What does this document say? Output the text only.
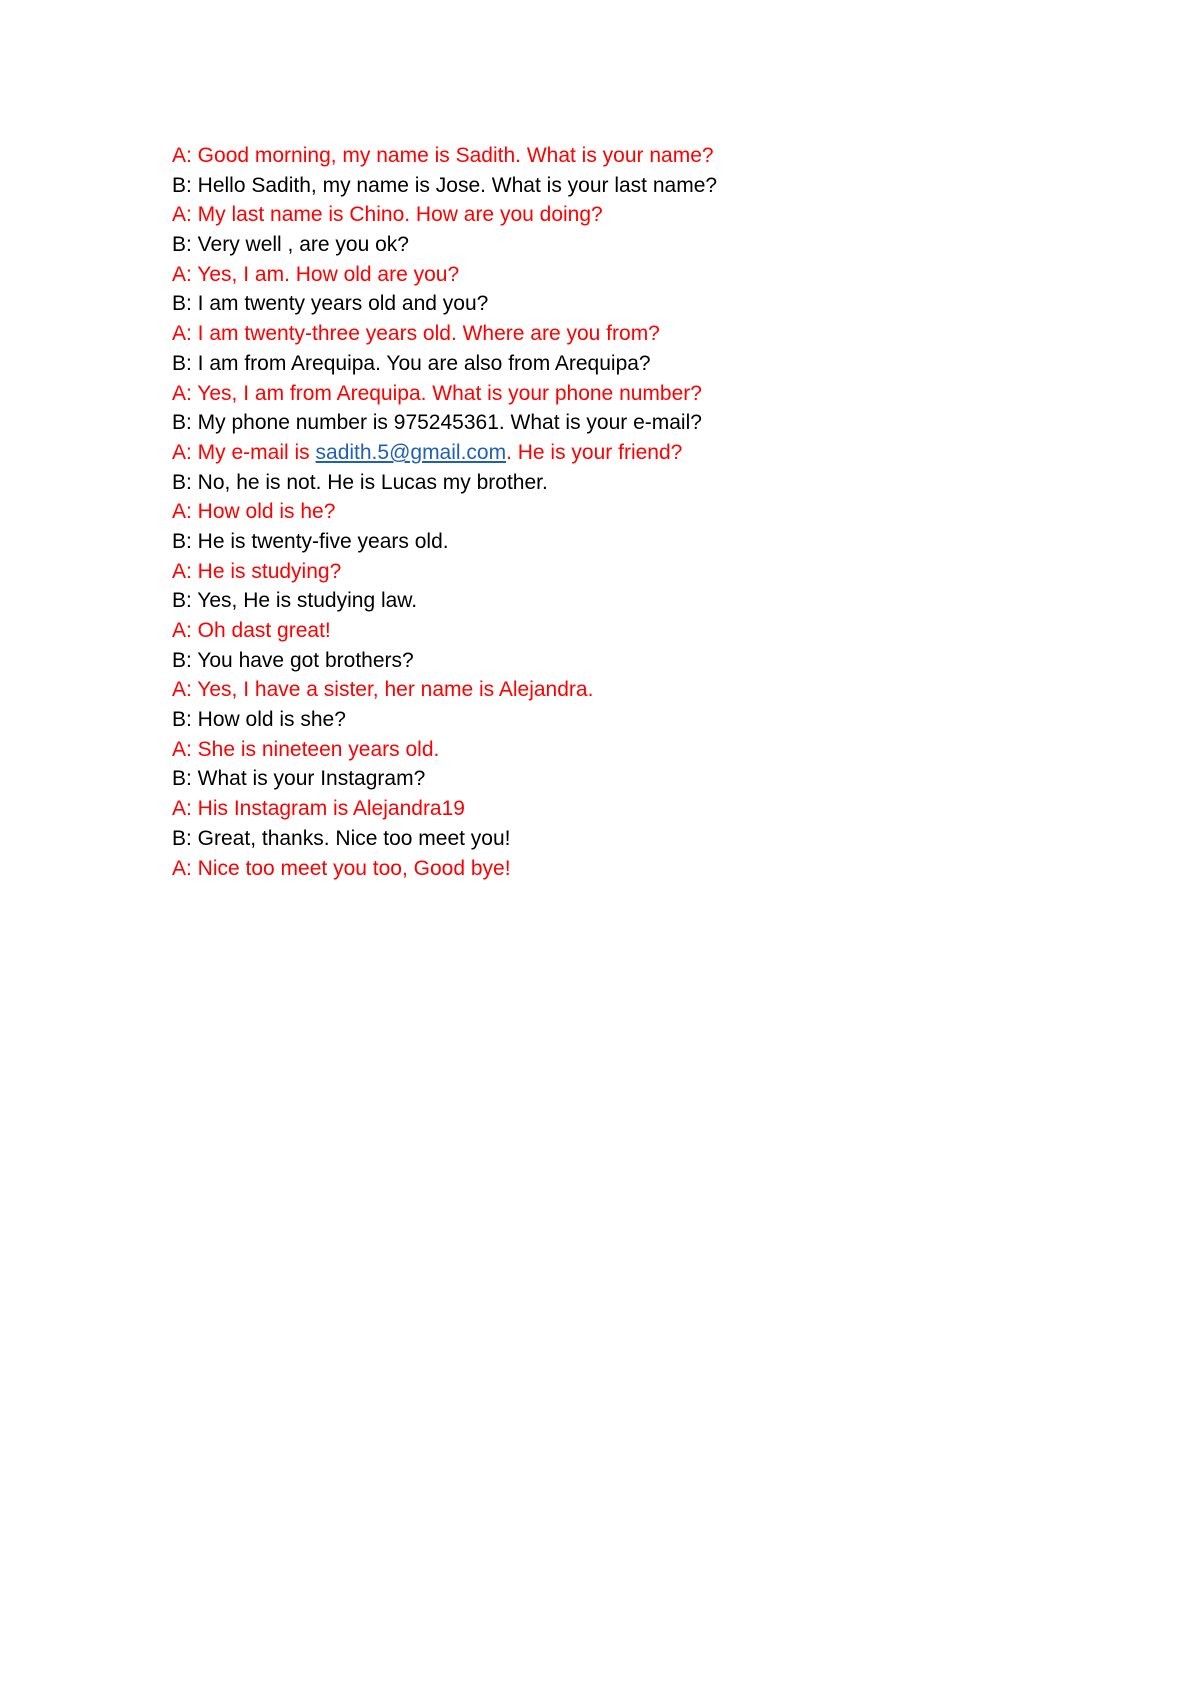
A: Good morning, my name is Sadith. What is your name?
B: Hello Sadith, my name is Jose. What is your last name?
A: My last name is Chino. How are you doing?
B: Very well , are you ok?
A: Yes, I am. How old are you?
B: I am twenty years old and you?
A: I am twenty-three years old. Where are you from?
B: I am from Arequipa. You are also from Arequipa?
A: Yes, I am from Arequipa. What is your phone number?
B: My phone number is 975245361. What is your e-mail?
A: My e-mail is sadith.5@gmail.com. He is your friend?
B: No, he is not. He is Lucas my brother.
A: How old is he?
B: He is twenty-five years old.
A: He is studying?
B: Yes, He is studying law.
A: Oh dast great!
B: You have got brothers?
A: Yes, I have a sister, her name is Alejandra.
B: How old is she?
A: She is nineteen years old.
B: What is your Instagram?
A: His Instagram is Alejandra19
B: Great, thanks. Nice too meet you!
A: Nice too meet you too, Good bye!
